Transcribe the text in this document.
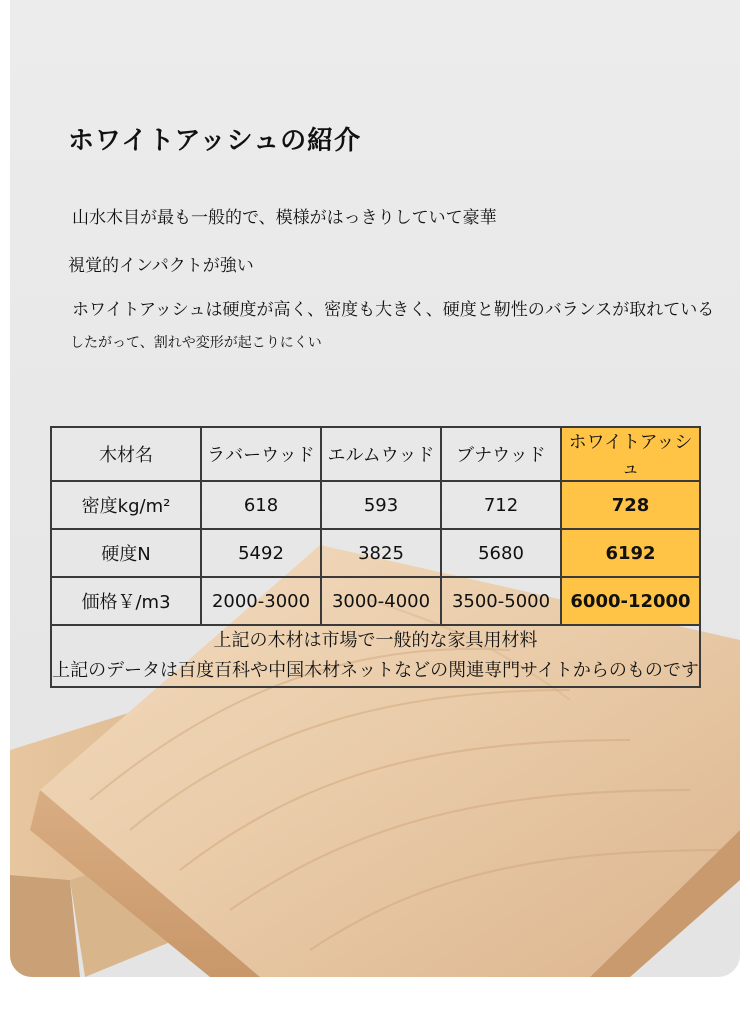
ホワイトアッシュの紹介

山水木目が最も一般的で、模様がはっきりしていて豪華

視覚的インパクトが強い

ホワイトアッシュは硬度が高く、密度も大きく、硬度と靭性のバランスが取れている

したがって、割れや変形が起こりにくい

木材名	ラバーウッド	エルムウッド	ブナウッド	ホワイトアッシュ
密度kg/m²	618	593	712	728
硬度N	5492	3825	5680	6192
価格￥/m3	2000-3000	3000-4000	3500-5000	6000-12000

上記の木材は市場で一般的な家具用材料
上記のデータは百度百科や中国木材ネットなどの関連専門サイトからのものです				
